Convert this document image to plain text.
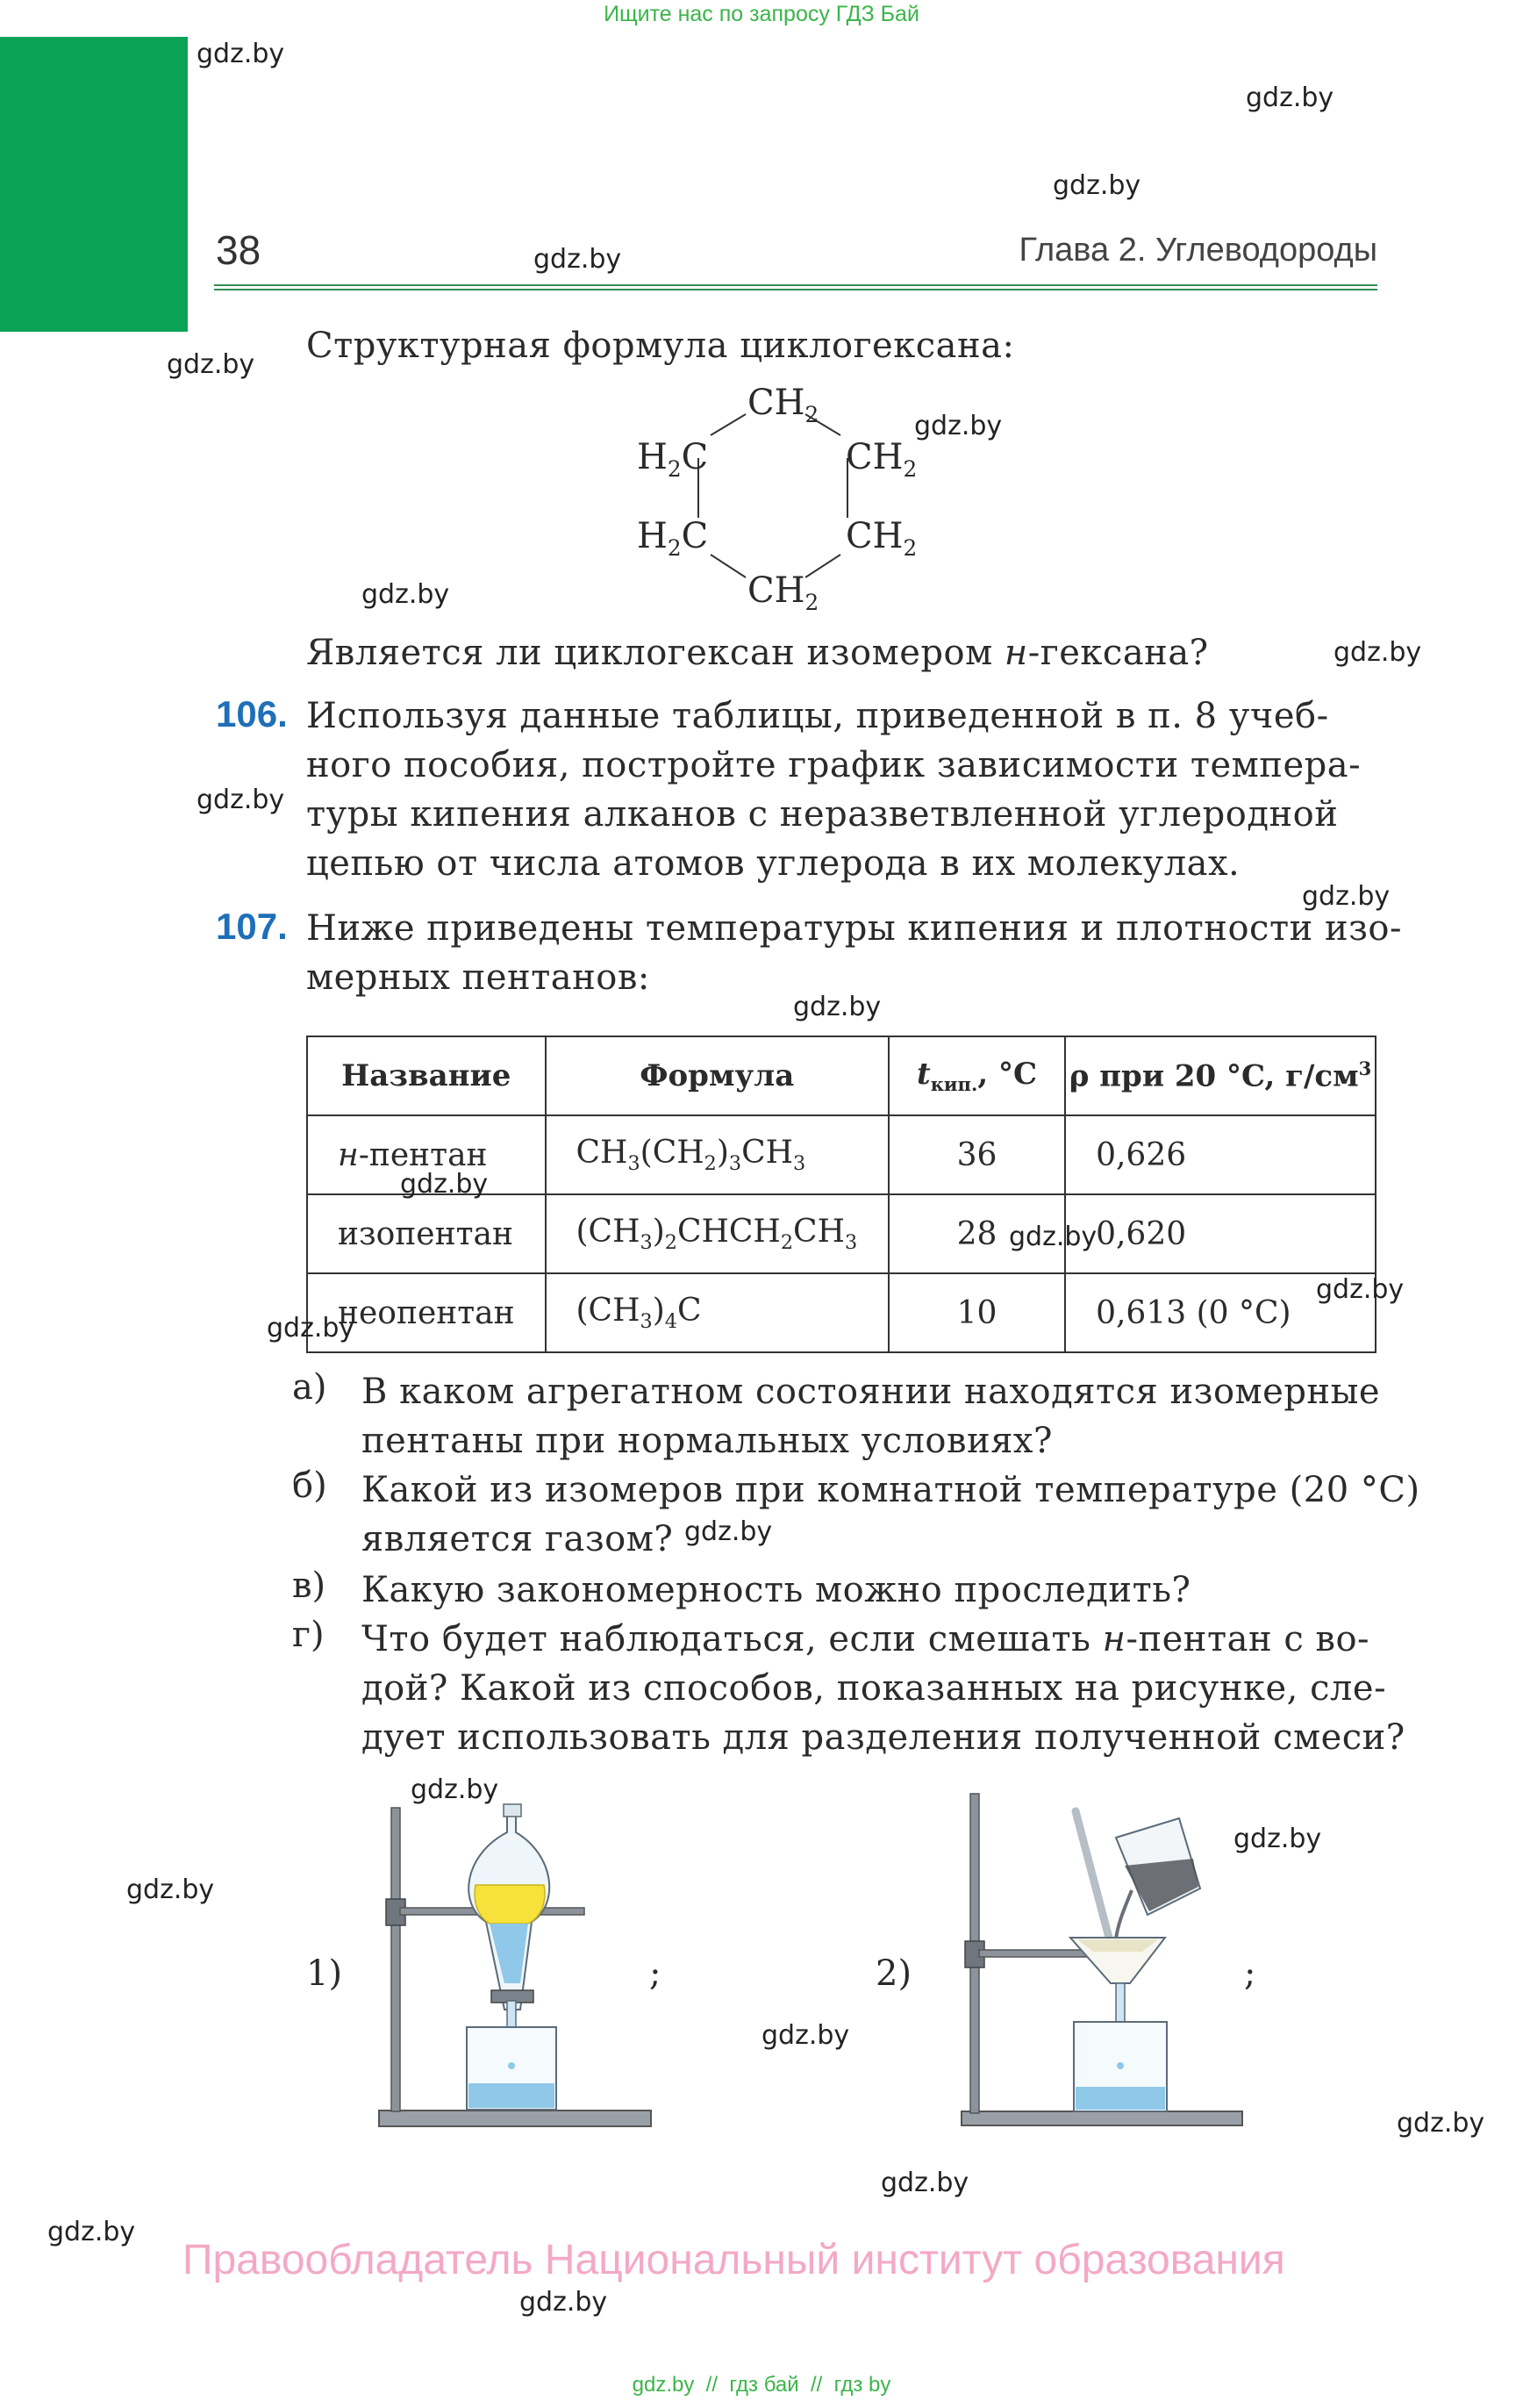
Ищите нас по запросу ГДЗ Бай
38	Глава 2. Углеводороды
Структурная формула циклогексана:
$CH_2$
$H_2C$	$CH_2$
$H_2C$	$CH_2$
$CH_2$
Является ли циклогексан изомером н-гексана?
106. Используя данные таблицы, приведенной в п. 8 учеб-
ного пособия, постройте график зависимости темпера-
туры кипения алканов с неразветвленной углеродной
цепью от числа атомов углерода в их молекулах.
107. Ниже приведены температуры кипения и плотности изо-
мерных пентанов:
Название	Формула	$t_{кип.}$, °C	ρ при 20 °C, $г/см^3$
н-пентан	$CH_3(CH_2)_3CH_3$	36	0,626
изопентан	$(CH_3)_2CHCH_2CH_3$	28	0,620
неопентан	$(CH_3)_4C$	10	0,613 (0 °C)
а) В каком агрегатном состоянии находятся изомерные
пентаны при нормальных условиях?
б) Какой из изомеров при комнатной температуре (20 °C)
является газом?
в) Какую закономерность можно проследить?
г) Что будет наблюдаться, если смешать н-пентан с во-
дой? Какой из способов, показанных на рисунке, сле-
дует использовать для разделения полученной смеси?
1)	;	2)	;
Правообладатель Национальный институт образования
gdz.by  //  гдз бай  //  гдз by
gdz.by
gdz.by
gdz.by
gdz.by
gdz.by
gdz.by
gdz.by
gdz.by
gdz.by
gdz.by
gdz.by
gdz.by
gdz.by
gdz.by
gdz.by
gdz.by
gdz.by
gdz.by
gdz.by
gdz.by
gdz.by
gdz.by
gdz.by
gdz.by
